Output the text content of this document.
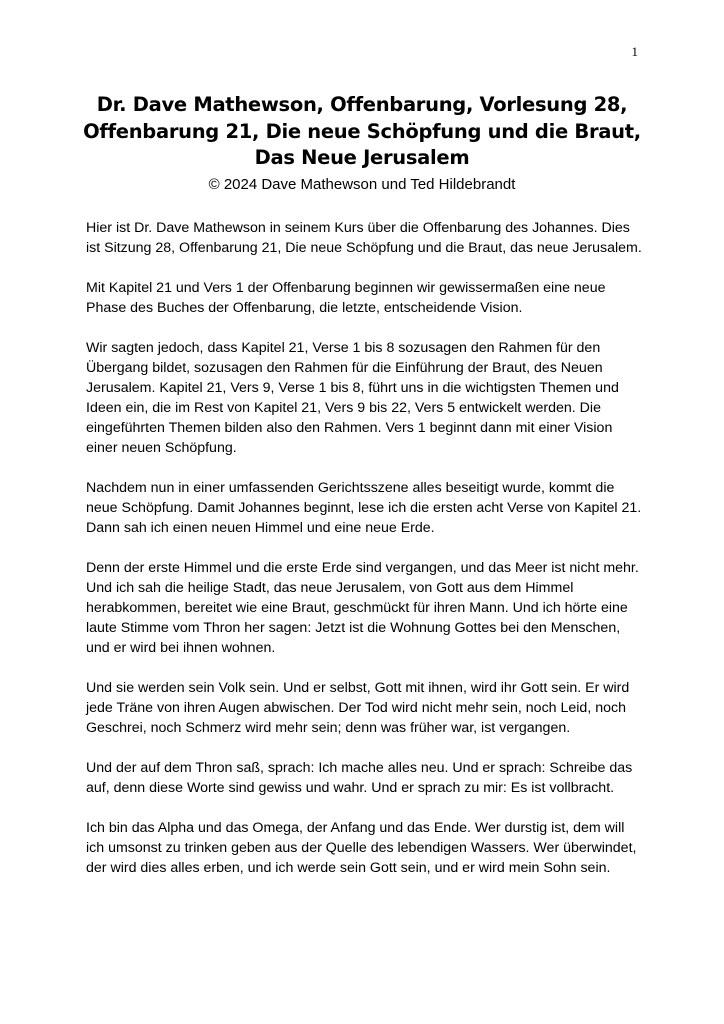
1
Dr. Dave Mathewson, Offenbarung, Vorlesung 28,
Offenbarung 21, Die neue Schöpfung und die Braut,
Das Neue Jerusalem
© 2024 Dave Mathewson und Ted Hildebrandt

Hier ist Dr. Dave Mathewson in seinem Kurs über die Offenbarung des Johannes. Dies ist Sitzung 28, Offenbarung 21, Die neue Schöpfung und die Braut, das neue Jerusalem.

Mit Kapitel 21 und Vers 1 der Offenbarung beginnen wir gewissermaßen eine neue Phase des Buches der Offenbarung, die letzte, entscheidende Vision.

Wir sagten jedoch, dass Kapitel 21, Verse 1 bis 8 sozusagen den Rahmen für den Übergang bildet, sozusagen den Rahmen für die Einführung der Braut, des Neuen Jerusalem. Kapitel 21, Vers 9, Verse 1 bis 8, führt uns in die wichtigsten Themen und Ideen ein, die im Rest von Kapitel 21, Vers 9 bis 22, Vers 5 entwickelt werden. Die eingeführten Themen bilden also den Rahmen. Vers 1 beginnt dann mit einer Vision einer neuen Schöpfung.

Nachdem nun in einer umfassenden Gerichtsszene alles beseitigt wurde, kommt die neue Schöpfung. Damit Johannes beginnt, lese ich die ersten acht Verse von Kapitel 21. Dann sah ich einen neuen Himmel und eine neue Erde.

Denn der erste Himmel und die erste Erde sind vergangen, und das Meer ist nicht mehr. Und ich sah die heilige Stadt, das neue Jerusalem, von Gott aus dem Himmel herabkommen, bereitet wie eine Braut, geschmückt für ihren Mann. Und ich hörte eine laute Stimme vom Thron her sagen: Jetzt ist die Wohnung Gottes bei den Menschen, und er wird bei ihnen wohnen.

Und sie werden sein Volk sein. Und er selbst, Gott mit ihnen, wird ihr Gott sein. Er wird jede Träne von ihren Augen abwischen. Der Tod wird nicht mehr sein, noch Leid, noch Geschrei, noch Schmerz wird mehr sein; denn was früher war, ist vergangen.

Und der auf dem Thron saß, sprach: Ich mache alles neu. Und er sprach: Schreibe das auf, denn diese Worte sind gewiss und wahr. Und er sprach zu mir: Es ist vollbracht.

Ich bin das Alpha und das Omega, der Anfang und das Ende. Wer durstig ist, dem will ich umsonst zu trinken geben aus der Quelle des lebendigen Wassers. Wer überwindet, der wird dies alles erben, und ich werde sein Gott sein, und er wird mein Sohn sein.
